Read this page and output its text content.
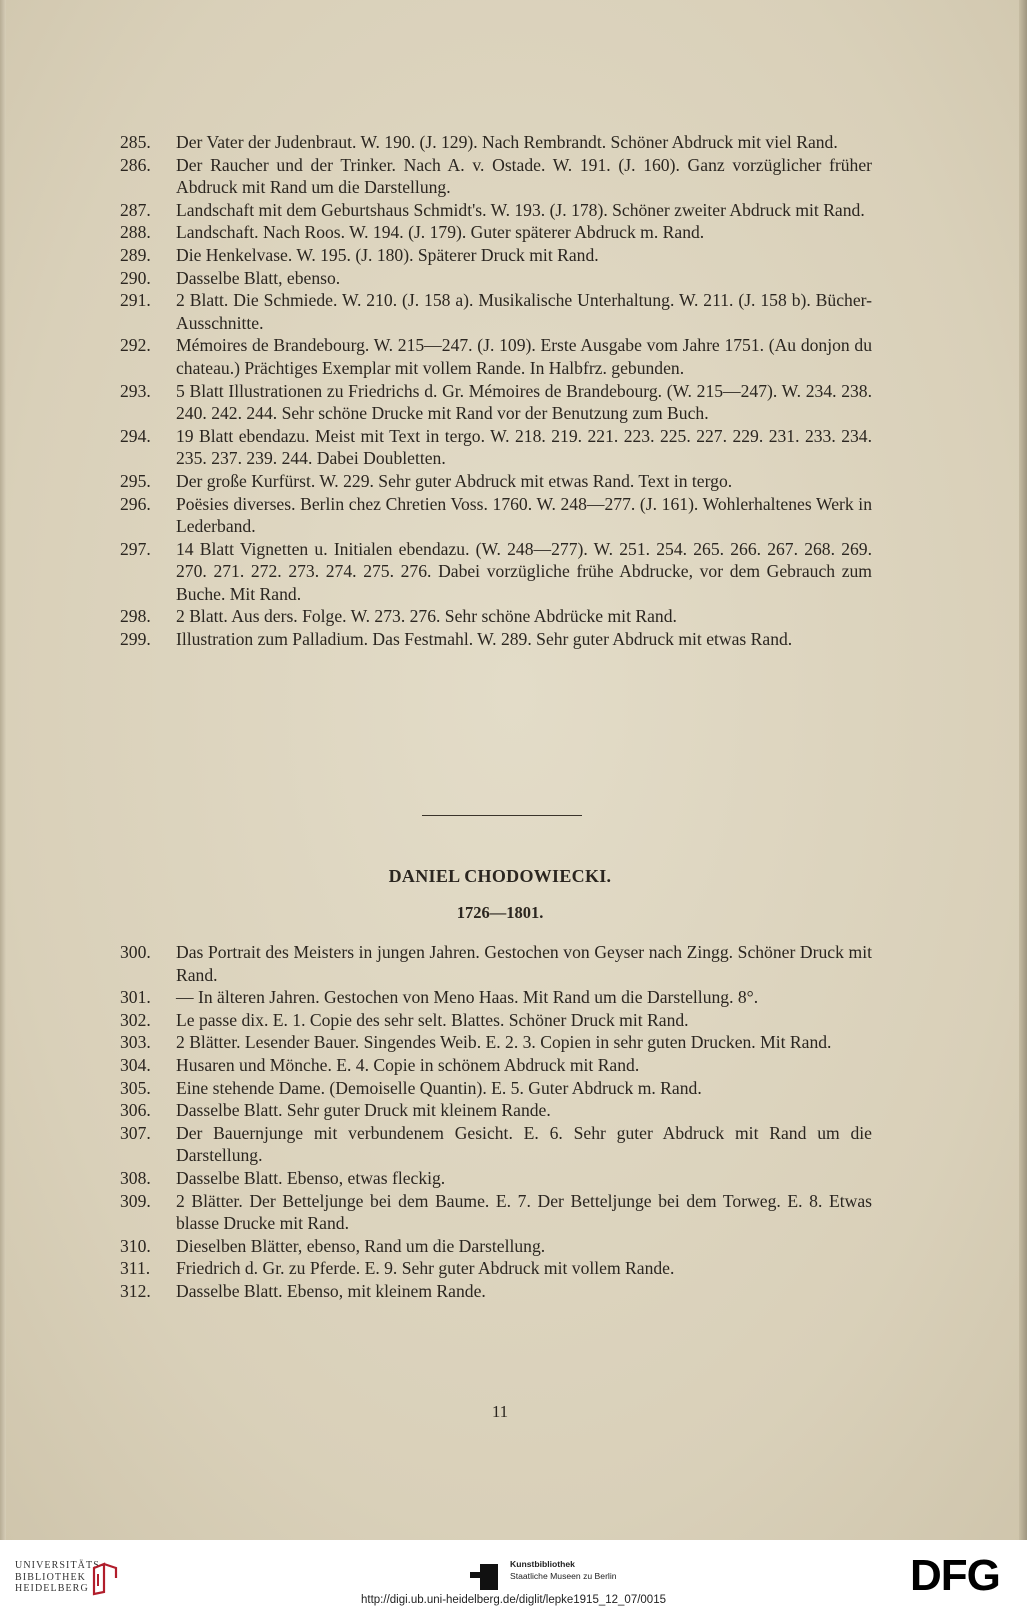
285.	Der Vater der Judenbraut. W. 190. (J. 129). Nach Rembrandt. Schöner Abdruck mit viel Rand.
286.	Der Raucher und der Trinker. Nach A. v. Ostade. W. 191. (J. 160). Ganz vorzüglicher früher Abdruck mit Rand um die Darstellung.
287.	Landschaft mit dem Geburtshaus Schmidt's. W. 193. (J. 178). Schöner zweiter Abdruck mit Rand.
288.	Landschaft. Nach Roos. W. 194. (J. 179). Guter späterer Abdruck m. Rand.
289.	Die Henkelvase. W. 195. (J. 180). Späterer Druck mit Rand.
290.	Dasselbe Blatt, ebenso.
291.	2 Blatt. Die Schmiede. W. 210. (J. 158 a). Musikalische Unterhaltung. W. 211. (J. 158 b). Bücher-Ausschnitte.
292.	Mémoires de Brandebourg. W. 215—247. (J. 109). Erste Ausgabe vom Jahre 1751. (Au donjon du chateau.) Prächtiges Exemplar mit vollem Rande. In Halbfrz. gebunden.
293.	5 Blatt Illustrationen zu Friedrichs d. Gr. Mémoires de Brandebourg. (W. 215—247). W. 234. 238. 240. 242. 244. Sehr schöne Drucke mit Rand vor der Benutzung zum Buch.
294.	19 Blatt ebendazu. Meist mit Text in tergo. W. 218. 219. 221. 223. 225. 227. 229. 231. 233. 234. 235. 237. 239. 244. Dabei Doubletten.
295.	Der große Kurfürst. W. 229. Sehr guter Abdruck mit etwas Rand. Text in tergo.
296.	Poësies diverses. Berlin chez Chretien Voss. 1760. W. 248—277. (J. 161). Wohlerhaltenes Werk in Lederband.
297.	14 Blatt Vignetten u. Initialen ebendazu. (W. 248—277). W. 251. 254. 265. 266. 267. 268. 269. 270. 271. 272. 273. 274. 275. 276. Dabei vorzügliche frühe Abdrucke, vor dem Gebrauch zum Buche. Mit Rand.
298.	2 Blatt. Aus ders. Folge. W. 273. 276. Sehr schöne Abdrücke mit Rand.
299.	Illustration zum Palladium. Das Festmahl. W. 289. Sehr guter Abdruck mit etwas Rand.
DANIEL CHODOWIECKI.
1726—1801.
300.	Das Portrait des Meisters in jungen Jahren. Gestochen von Geyser nach Zingg. Schöner Druck mit Rand.
301.	— In älteren Jahren. Gestochen von Meno Haas. Mit Rand um die Darstellung. 8°.
302.	Le passe dix. E. 1. Copie des sehr selt. Blattes. Schöner Druck mit Rand.
303.	2 Blätter. Lesender Bauer. Singendes Weib. E. 2. 3. Copien in sehr guten Drucken. Mit Rand.
304.	Husaren und Mönche. E. 4. Copie in schönem Abdruck mit Rand.
305.	Eine stehende Dame. (Demoiselle Quantin). E. 5. Guter Abdruck m. Rand.
306.	Dasselbe Blatt. Sehr guter Druck mit kleinem Rande.
307.	Der Bauernjunge mit verbundenem Gesicht. E. 6. Sehr guter Abdruck mit Rand um die Darstellung.
308.	Dasselbe Blatt. Ebenso, etwas fleckig.
309.	2 Blätter. Der Betteljunge bei dem Baume. E. 7. Der Betteljunge bei dem Torweg. E. 8. Etwas blasse Drucke mit Rand.
310.	Dieselben Blätter, ebenso, Rand um die Darstellung.
311.	Friedrich d. Gr. zu Pferde. E. 9. Sehr guter Abdruck mit vollem Rande.
312.	Dasselbe Blatt. Ebenso, mit kleinem Rande.
11
UNIVERSITÄTS-
BIBLIOTHEK
HEIDELBERG
Kunstbibliothek
Staatliche Museen zu Berlin	DFG
http://digi.ub.uni-heidelberg.de/diglit/lepke1915_12_07/0015
